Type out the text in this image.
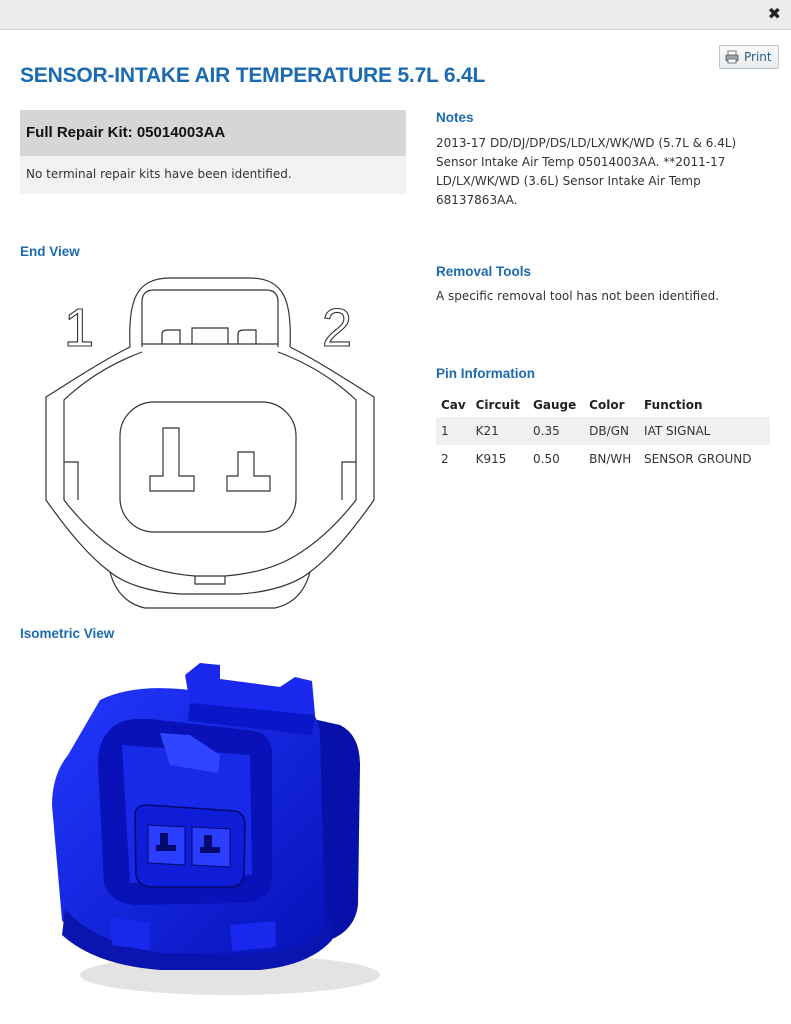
✖
Print
SENSOR-INTAKE AIR TEMPERATURE 5.7L 6.4L
Full Repair Kit: 05014003AA
No terminal repair kits have been identified.
Notes
2013-17 DD/DJ/DP/DS/LD/LX/WK/WD (5.7L & 6.4L)
Sensor Intake Air Temp 05014003AA. **2011-17
LD/LX/WK/WD (3.6L) Sensor Intake Air Temp
68137863AA.
End View
Removal Tools
A specific removal tool has not been identified.
Pin Information
Cav	Circuit	Gauge	Color	Function
1	K21	0.35	DB/GN	IAT SIGNAL
2	K915	0.50	BN/WH	SENSOR GROUND
1	2
Isometric View
